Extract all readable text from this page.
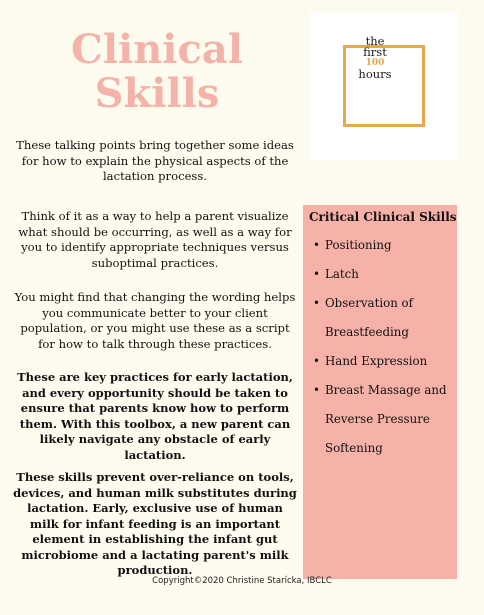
Clinical
Skills
the
first
100
hours

These talking points bring together some ideas for how to explain the physical aspects of the lactation process.

Think of it as a way to help a parent visualize what should be occurring, as well as a way for you to identify appropriate techniques versus suboptimal practices.

You might find that changing the wording helps you communicate better to your client population, or you might use these as a script for how to talk through these practices.

These are key practices for early lactation, and every opportunity should be taken to ensure that parents know how to perform them. With this toolbox, a new parent can likely navigate any obstacle of early lactation.

These skills prevent over-reliance on tools, devices, and human milk substitutes during lactation. Early, exclusive use of human milk for infant feeding is an important element in establishing the infant gut microbiome and a lactating parent's milk production.

Critical Clinical Skills
• Positioning
• Latch
• Observation of Breastfeeding
• Hand Expression
• Breast Massage and Reverse Pressure Softening
Copyright©2020 Christine Starícka, IBCLC
